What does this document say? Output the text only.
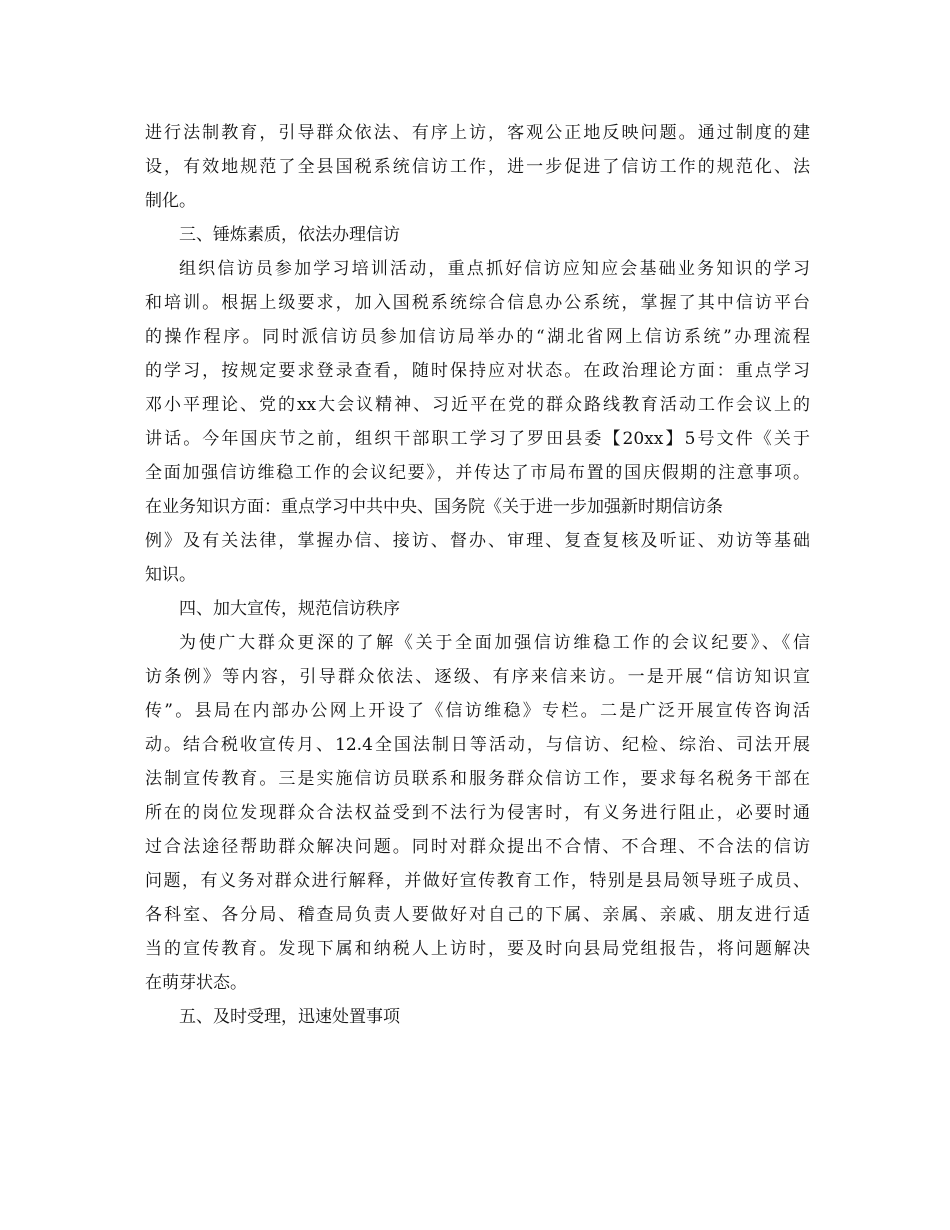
进行法制教育，引导群众依法、有序上访，客观公正地反映问题。通过制度的建
设，有效地规范了全县国税系统信访工作，进一步促进了信访工作的规范化、法
制化。
三、锤炼素质，依法办理信访
组织信访员参加学习培训活动，重点抓好信访应知应会基础业务知识的学习
和培训。根据上级要求，加入国税系统综合信息办公系统，掌握了其中信访平台
的操作程序。同时派信访员参加信访局举办的“湖北省网上信访系统”办理流程
的学习，按规定要求登录查看，随时保持应对状态。在政治理论方面：重点学习
邓小平理论、党的xx大会议精神、习近平在党的群众路线教育活动工作会议上的
讲话。今年国庆节之前，组织干部职工学习了罗田县委【20xx】5号文件《关于
全面加强信访维稳工作的会议纪要》，并传达了市局布置的国庆假期的注意事项。
在业务知识方面：重点学习中共中央、国务院《关于进一步加强新时期信访条
例》及有关法律，掌握办信、接访、督办、审理、复查复核及听证、劝访等基础
知识。
四、加大宣传，规范信访秩序
为使广大群众更深的了解《关于全面加强信访维稳工作的会议纪要》、《信
访条例》等内容，引导群众依法、逐级、有序来信来访。一是开展“信访知识宣
传”。县局在内部办公网上开设了《信访维稳》专栏。二是广泛开展宣传咨询活
动。结合税收宣传月、12.4全国法制日等活动，与信访、纪检、综治、司法开展
法制宣传教育。三是实施信访员联系和服务群众信访工作，要求每名税务干部在
所在的岗位发现群众合法权益受到不法行为侵害时，有义务进行阻止，必要时通
过合法途径帮助群众解决问题。同时对群众提出不合情、不合理、不合法的信访
问题，有义务对群众进行解释，并做好宣传教育工作，特别是县局领导班子成员、
各科室、各分局、稽查局负责人要做好对自己的下属、亲属、亲戚、朋友进行适
当的宣传教育。发现下属和纳税人上访时，要及时向县局党组报告，将问题解决
在萌芽状态。
五、及时受理，迅速处置事项
